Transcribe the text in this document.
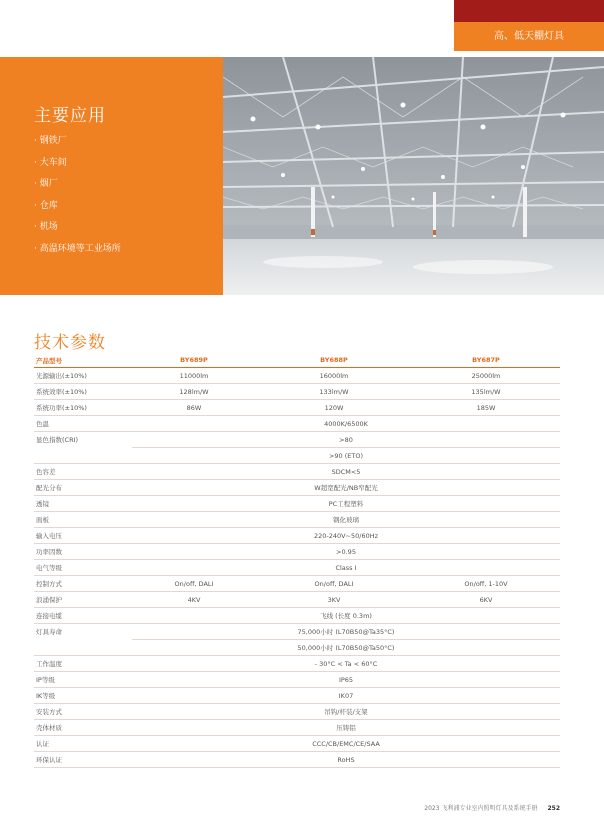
高、低天棚灯具
主要应用
· 钢铁厂
· 大车间
· 烟厂
· 仓库
· 机场
· 高温环境等工业场所
技术参数
产品型号	BY689P	BY688P	BY687P
光源输出(±10%)	11000lm	16000lm	25000lm
系统效率(±10%)	128lm/W	133lm/W	135lm/W
系统功率(±10%)	86W	120W	185W
色温	4000K/6500K		
显色指数(CRI)	>80		
	>90 (ETO)		
色容差	SDCM<5		
配光分布	W超宽配光/NB窄配光		
透镜	PC工程塑料		
面板	钢化玻璃		
输入电压	220-240V~50/60Hz		
功率因数	>0.95		
电气等级	Class I		
控制方式	On/off, DALI	On/off, DALI	On/off, 1-10V
浪涌保护	4KV	3KV	6KV
连接电缆	飞线 (长度 0.3m)		
灯具寿命	75,000小时 (L70B50@Ta35°C)		
	50,000小时 (L70B50@Ta50°C)		
工作温度	- 30°C < Ta < 60°C		
IP等级	IP65		
IK等级	IK07		
安装方式	吊钩/杆装/支架		
壳体材质	压铸铝		
认证	CCC/CB/EMC/CE/SAA		
环保认证	RoHS		
2023 飞利浦专业室内照明灯具及系统手册 252
